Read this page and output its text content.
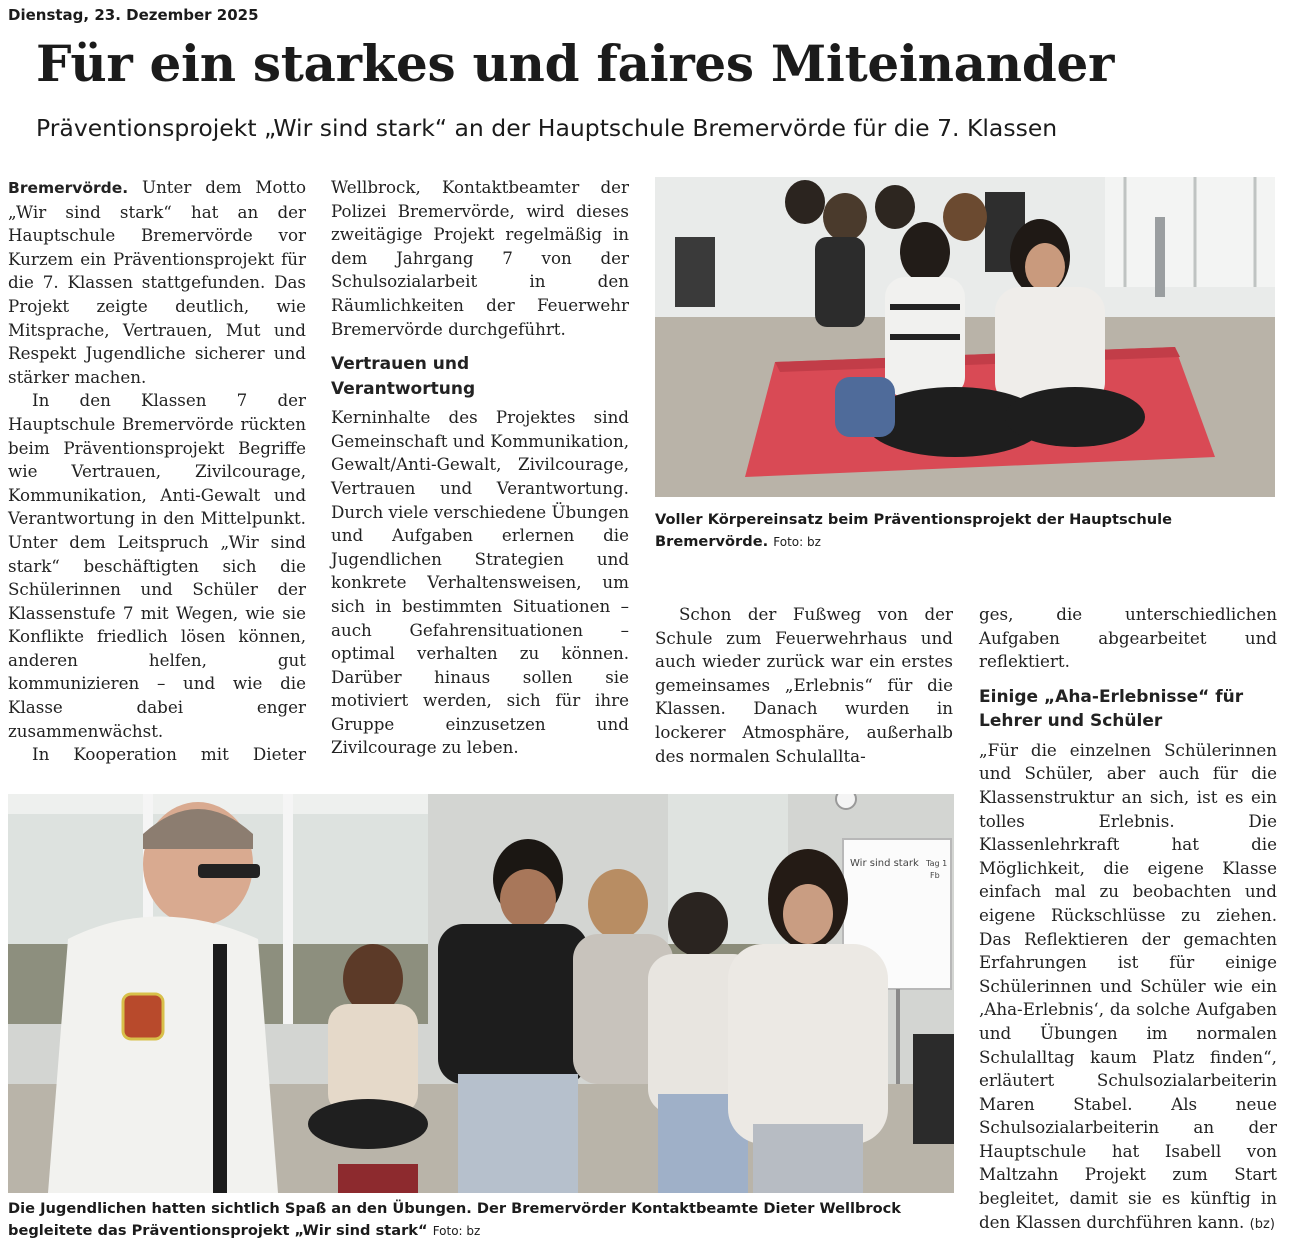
Dienstag, 23. Dezember 2025
Für ein starkes und faires Miteinander
Präventionsprojekt „Wir sind stark“ an der Hauptschule Bremervörde für die 7. Klassen

Bremervörde. Unter dem Motto „Wir sind stark“ hat an der Hauptschule Bremervörde vor Kurzem ein Präventionsprojekt für die 7. Klassen stattgefunden. Das Projekt zeigte deutlich, wie Mitsprache, Vertrauen, Mut und Respekt Jugendliche sicherer und stärker machen.

In den Klassen 7 der Hauptschule Bremervörde rückten beim Präventionsprojekt Begriffe wie Vertrauen, Zivilcourage, Kommunikation, Anti-Gewalt und Verantwortung in den Mittelpunkt. Unter dem Leitspruch „Wir sind stark“ beschäftigten sich die Schülerinnen und Schüler der Klassenstufe 7 mit Wegen, wie sie Konflikte friedlich lösen können, anderen helfen, gut kommunizieren – und wie die Klasse dabei enger zusammenwächst.

In Kooperation mit Dieter

Wellbrock, Kontaktbeamter der Polizei Bremervörde, wird dieses zweitägige Projekt regelmäßig in dem Jahrgang 7 von der Schulsozialarbeit in den Räumlichkeiten der Feuerwehr Bremervörde durchgeführt.

Vertrauen und Verantwortung

Kerninhalte des Projektes sind Gemeinschaft und Kommunikation, Gewalt/Anti-Gewalt, Zivilcourage, Vertrauen und Verantwortung. Durch viele verschiedene Übungen und Aufgaben erlernen die Jugendlichen Strategien und konkrete Verhaltensweisen, um sich in bestimmten Situationen – auch Gefahrensituationen – optimal verhalten zu können. Darüber hinaus sollen sie motiviert werden, sich für ihre Gruppe einzusetzen und Zivilcourage zu leben.

Voller Körpereinsatz beim Präventionsprojekt der Hauptschule Bremervörde. Foto: bz

Schon der Fußweg von der Schule zum Feuerwehrhaus und auch wieder zurück war ein erstes gemeinsames „Erlebnis“ für die Klassen. Danach wurden in lockerer Atmosphäre, außerhalb des normalen Schulallta-

ges, die unterschiedlichen Aufgaben abgearbeitet und reflektiert.

Einige „Aha-Erlebnisse“ für Lehrer und Schüler

„Für die einzelnen Schülerinnen und Schüler, aber auch für die Klassenstruktur an sich, ist es ein tolles Erlebnis. Die Klassenlehrkraft hat die Möglichkeit, die eigene Klasse einfach mal zu beobachten und eigene Rückschlüsse zu ziehen. Das Reflektieren der gemachten Erfahrungen ist für einige Schülerinnen und Schüler wie ein ‚Aha-Erlebnis‘, da solche Aufgaben und Übungen im normalen Schulalltag kaum Platz finden“, erläutert Schulsozialarbeiterin Maren Stabel. Als neue Schulsozialarbeiterin an der Hauptschule hat Isabell von Maltzahn Projekt zum Start begleitet, damit sie es künftig in den Klassen durchführen kann. (bz)

Wir sind stark Tag 1
Fb
Die Jugendlichen hatten sichtlich Spaß an den Übungen. Der Bremervörder Kontaktbeamte Dieter Wellbrock begleitete das Präventionsprojekt „Wir sind stark“ Foto: bz
